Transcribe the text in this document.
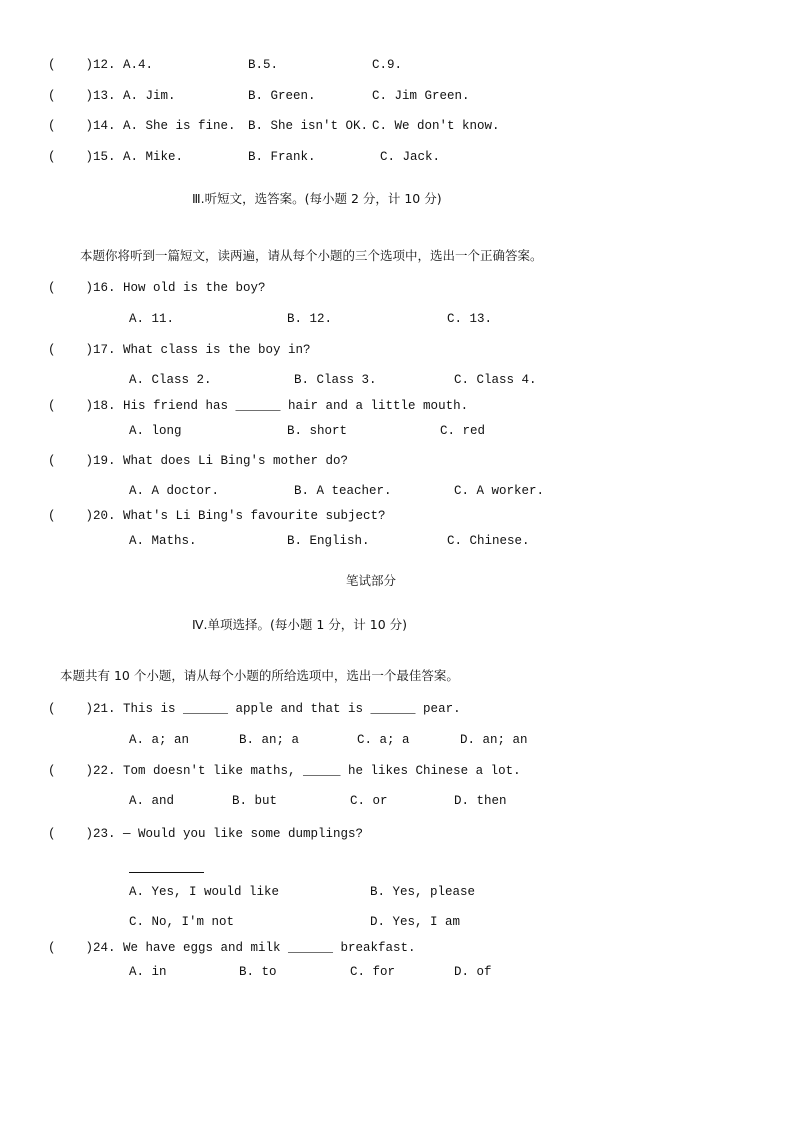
(    )12. A.4.	B.5.	C.9.
(    )13. A. Jim.	B. Green.	C. Jim Green.
(    )14. A. She is fine. B. She isn't OK. C. We don't know.
(    )15. A. Mike.	B. Frank.	C. Jack.
Ⅲ.听短文，选答案。(每小题 2 分，计 10 分)
本题你将听到一篇短文，读两遍，请从每个小题的三个选项中，选出一个正确答案。
(    )16. How old is the boy?
A. 11.	B. 12.	C. 13.
(    )17. What class is the boy in?
A. Class 2.	B. Class 3.	C. Class 4.
(    )18. His friend has ______ hair and a little mouth.
A. long	B. short	C. red
(    )19. What does Li Bing's mother do?
A. A doctor.	B. A teacher.	C. A worker.
(    )20. What's Li Bing's favourite subject?
A. Maths.	B. English.	C. Chinese.
笔试部分
Ⅳ.单项选择。(每小题 1 分，计 10 分)
本题共有 10 个小题，请从每个小题的所给选项中，选出一个最佳答案。
(    )21. This is ______ apple and that is ______ pear.
A. a; an	B. an; a	C. a; a	D. an; an
(    )22. Tom doesn't like maths, _____ he likes Chinese a lot.
A. and	B. but	C. or	D. then
(    )23. — Would you like some dumplings?
A. Yes, I would like	B. Yes, please
C. No, I'm not	D. Yes, I am
(    )24. We have eggs and milk ______ breakfast.
A. in	B. to	C. for	D. of
